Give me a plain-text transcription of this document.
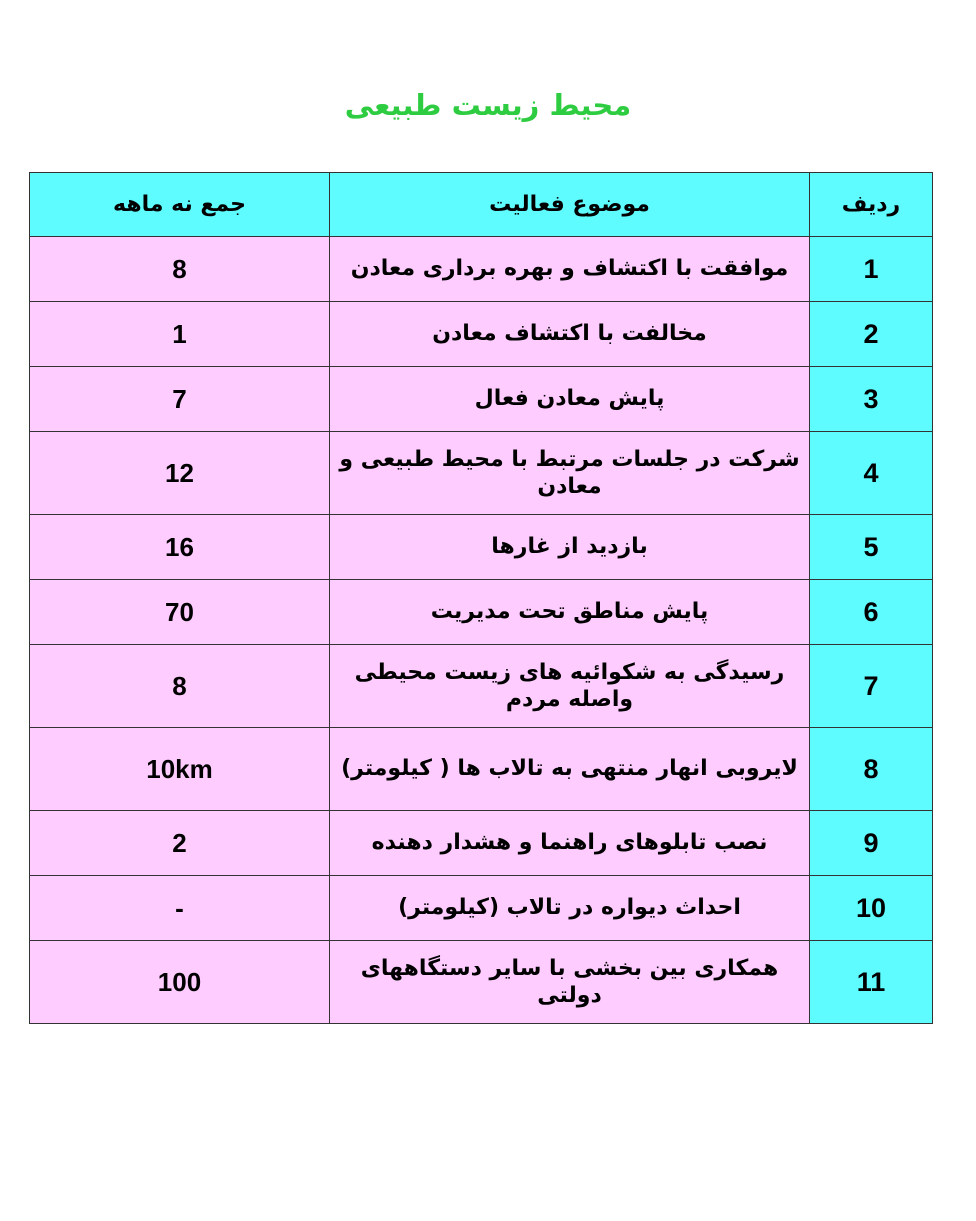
محیط زیست طبیعی
جمع نه ماهه	موضوع فعالیت	ردیف
8	موافقت با اکتشاف و بهره برداری معادن	1
1	مخالفت با اکتشاف معادن	2
7	پایش معادن فعال	3
12	شرکت در جلسات مرتبط با محیط طبیعی و معادن	4
16	بازدید از غارها	5
70	پایش مناطق تحت مدیریت	6
8	رسیدگی به شکوائیه های زیست محیطی واصله مردم	7
10km	لایروبی انهار منتهی به تالاب ها ( کیلومتر)	8
2	نصب تابلوهای راهنما و هشدار دهنده	9
-	احداث دیواره در تالاب (کیلومتر)	10
100	همکاری بین بخشی با سایر دستگاههای دولتی	11
